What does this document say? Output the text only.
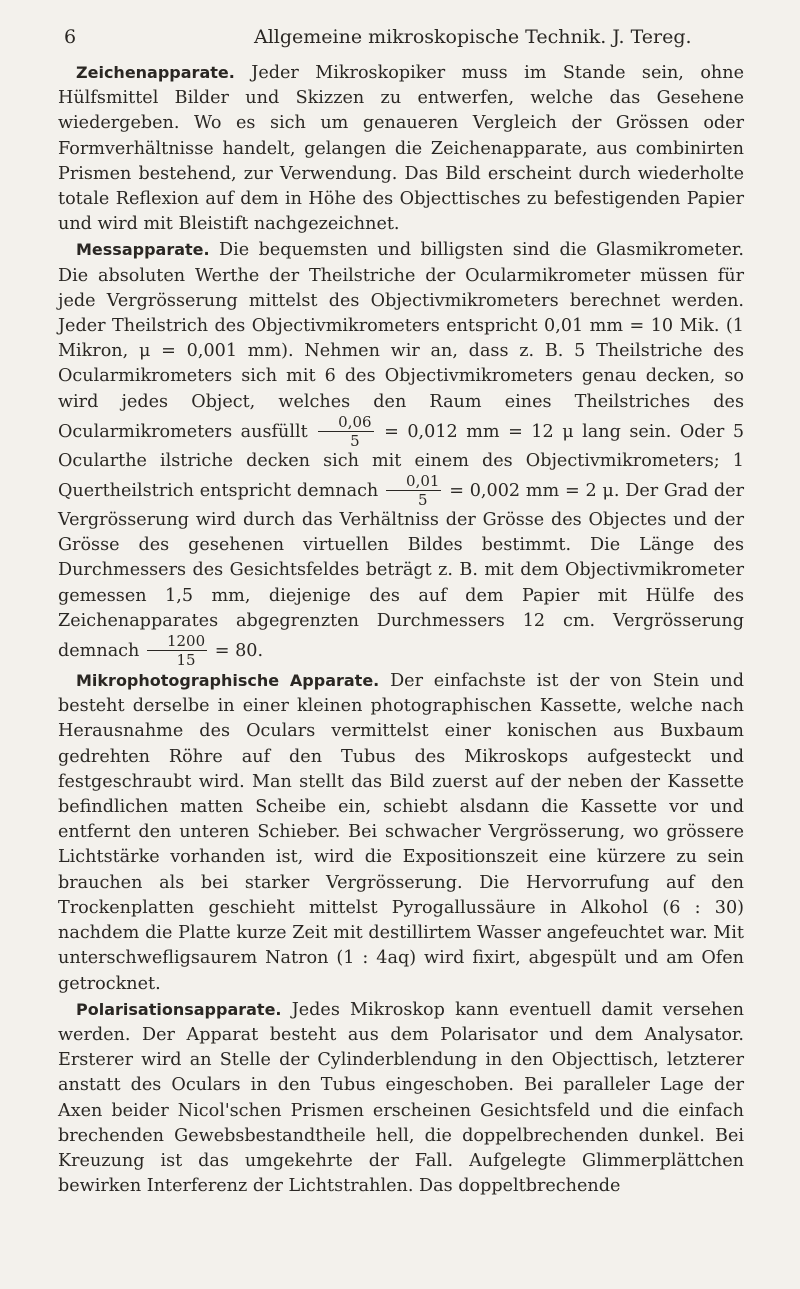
6	Allgemeine mikroskopische Technik. J. Tereg.

Zeichenapparate. Jeder Mikroskopiker muss im Stande sein, ohne Hülfsmittel Bilder und Skizzen zu entwerfen, welche das Gesehene wiedergeben. Wo es sich um genaueren Vergleich der Grössen oder Formverhältnisse handelt, gelangen die Zeichenapparate, aus combinirten Prismen bestehend, zur Verwendung. Das Bild erscheint durch wiederholte totale Reflexion auf dem in Höhe des Objecttisches zu befestigenden Papier und wird mit Bleistift nachgezeichnet.

Messapparate. Die bequemsten und billigsten sind die Glasmikrometer. Die absoluten Werthe der Theilstriche der Ocularmikrometer müssen für jede Vergrösserung mittelst des Objectivmikrometers berechnet werden. Jeder Theilstrich des Objectivmikrometers entspricht 0,01 mm = 10 Mik. (1 Mikron, μ = 0,001 mm). Nehmen wir an, dass z. B. 5 Theilstriche des Ocularmikrometers sich mit 6 des Objectivmikrometers genau decken, so wird jedes Object, welches den Raum eines Theilstriches des Ocularmikrometers ausfüllt $\frac{0,06}{5} = 0,012$ mm = 12 μ lang sein. Oder 5 Ocularthe ilstriche decken sich mit einem des Objectivmikrometers; 1 Quertheilstrich entspricht demnach $\frac{0,01}{5} = 0,002$ mm = 2 μ. Der Grad der Vergrösserung wird durch das Verhältniss der Grösse des Objectes und der Grösse des gesehenen virtuellen Bildes bestimmt. Die Länge des Durchmessers des Gesichtsfeldes beträgt z. B. mit dem Objectivmikrometer gemessen 1,5 mm, diejenige des auf dem Papier mit Hülfe des Zeichenapparates abgegrenzten Durchmessers 12 cm. Vergrösserung demnach $\frac{1200}{15} = 80$.

Mikrophotographische Apparate. Der einfachste ist der von Stein und besteht derselbe in einer kleinen photographischen Kassette, welche nach Herausnahme des Oculars vermittelst einer konischen aus Buxbaum gedrehten Röhre auf den Tubus des Mikroskops aufgesteckt und festgeschraubt wird. Man stellt das Bild zuerst auf der neben der Kassette befindlichen matten Scheibe ein, schiebt alsdann die Kassette vor und entfernt den unteren Schieber. Bei schwacher Vergrösserung, wo grössere Lichtstärke vorhanden ist, wird die Expositionszeit eine kürzere zu sein brauchen als bei starker Vergrösserung. Die Hervorrufung auf den Trockenplatten geschieht mittelst Pyrogallussäure in Alkohol (6 : 30) nachdem die Platte kurze Zeit mit destillirtem Wasser angefeuchtet war. Mit unterschwefligsaurem Natron (1 : 4aq) wird fixirt, abgespült und am Ofen getrocknet.

Polarisationsapparate. Jedes Mikroskop kann eventuell damit versehen werden. Der Apparat besteht aus dem Polarisator und dem Analysator. Ersterer wird an Stelle der Cylinderblendung in den Objecttisch, letzterer anstatt des Oculars in den Tubus eingeschoben. Bei paralleler Lage der Axen beider Nicol'schen Prismen erscheinen Gesichtsfeld und die einfach brechenden Gewebsbestandtheile hell, die doppelbrechenden dunkel. Bei Kreuzung ist das umgekehrte der Fall. Aufgelegte Glimmerplättchen bewirken Interferenz der Lichtstrahlen. Das doppeltbrechende
